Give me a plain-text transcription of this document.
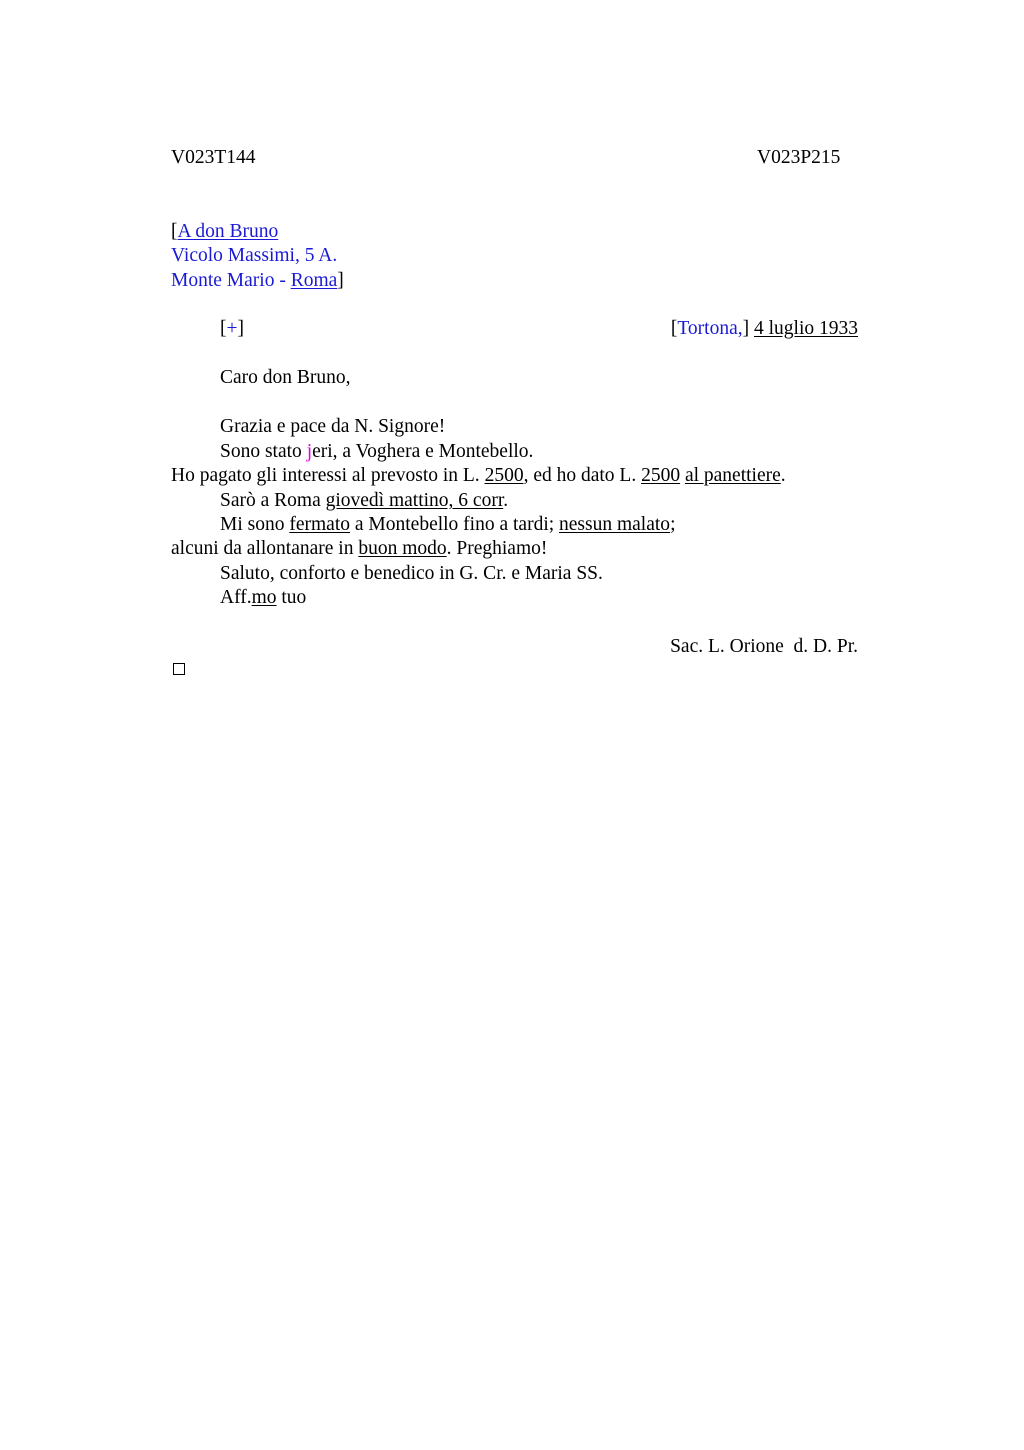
V023T144	V023P215
[A don Bruno
Vicolo Massimi, 5 A.
Monte Mario - Roma]
[+]	[Tortona,] 4 luglio 1933
Caro don Bruno,
Grazia e pace da N. Signore!
Sono stato jeri, a Voghera e Montebello.
Ho pagato gli interessi al prevosto in L. 2500, ed ho dato L. 2500 al panettiere.
Sarò a Roma giovedì mattino, 6 corr.
Mi sono fermato a Montebello fino a tardi; nessun malato;
alcuni da allontanare in buon modo. Preghiamo!
Saluto, conforto e benedico in G. Cr. e Maria SS.
Aff.mo tuo
Sac. L. Orione  d. D. Pr.
